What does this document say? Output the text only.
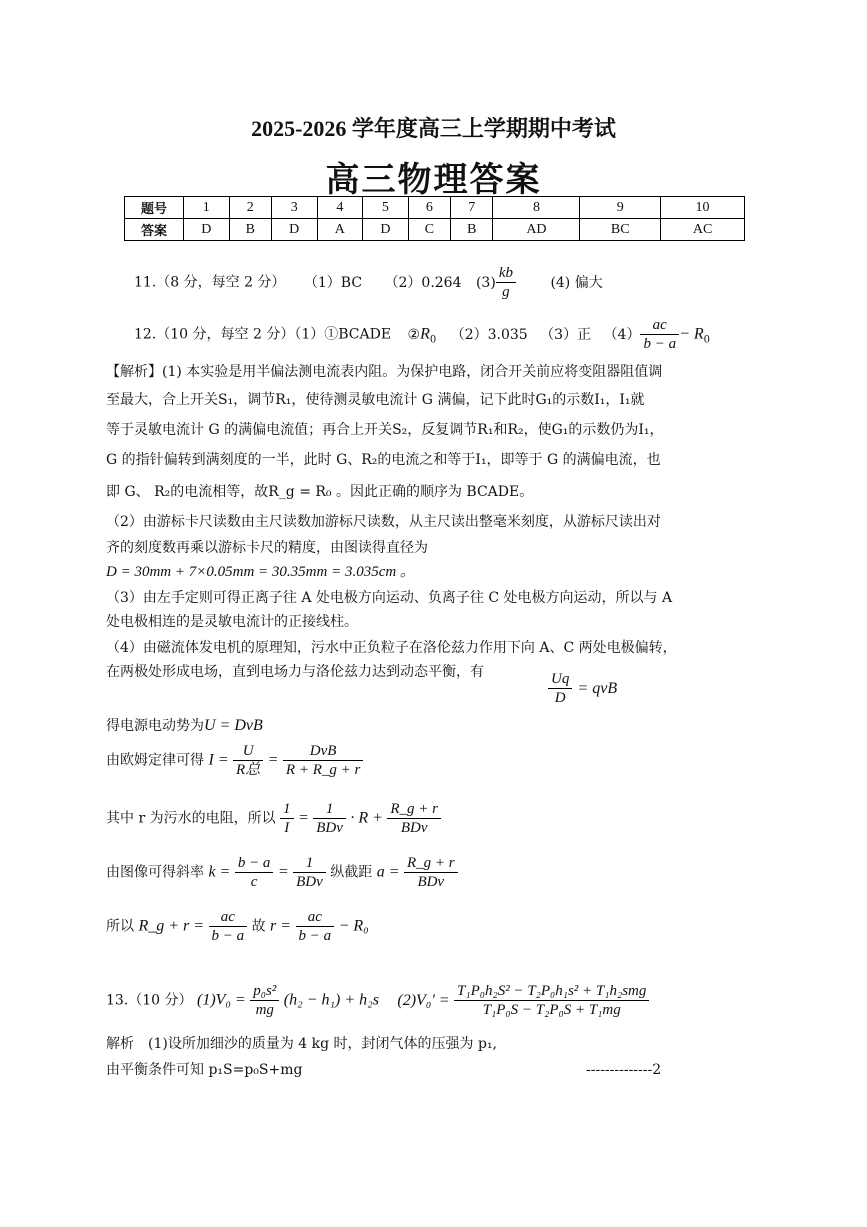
2025-2026 学年度高三上学期期中考试
高三物理答案
题号	1	2	3	4	5	6	7	8	9	10
答案	D	B	D	A	D	C	B	AD	BC	AC
11.（8 分，每空 2 分） （1）BC （2）0.264 $(3) \frac{kb}{g} (4)$ 偏大
12.（10 分，每空 2 分）（1）①BCADE $②R_0$ （2）3.035 （3）正 $(4) \frac{ac}{b - a} - R_0$
【解析】(1) 本实验是用半偏法测电流表内阻。为保护电路，闭合开关前应将变阻器阻值调
至最大，合上开关S₁，调节R₁，使待测灵敏电流计 G 满偏，记下此时G₁的示数I₁，I₁就
等于灵敏电流计 G 的满偏电流值；再合上开关S₂，反复调节R₁和R₂，使G₁的示数仍为I₁，
G 的指针偏转到满刻度的一半，此时 G、R₂的电流之和等于I₁，即等于 G 的满偏电流，也
即 G、 R₂的电流相等，故R_g = R₀ 。因此正确的顺序为 BCADE。
（2）由游标卡尺读数由主尺读数加游标尺读数，从主尺读出整毫米刻度，从游标尺读出对
齐的刻度数再乘以游标卡尺的精度，由图读得直径为
D = 30mm + 7×0.05mm = 30.35mm = 3.035cm 。
（3）由左手定则可得正离子往 A 处电极方向运动、负离子往 C 处电极方向运动，所以与 A
处电极相连的是灵敏电流计的正接线柱。
（4）由磁流体发电机的原理知，污水中正负粒子在洛伦兹力作用下向 A、C 两处电极偏转，
在两极处形成电场，直到电场力与洛伦兹力达到动态平衡，有	$\frac{Uq}{D}$ = qvB
得电源电动势为U = DvB
由欧姆定律可得 $I = \frac{U}{\text{R总}} = \frac{\text{DvB}}{R + R\_g + r}$
其中 r 为污水的电阻，所以 $\frac{1}{I} = \frac{1}{\text{BDv}} \cdot R + \frac{R\_g + r}{\text{BDv}}$
由图像可得斜率 $k = \frac{b - a}{c} = \frac{1}{\text{BDv}}$ 纵截距 $a = \frac{R\_g + r}{\text{BDv}}$
所以 R_g + $r = \frac{ac}{b - a}$ 故 $r = \frac{ac}{b - a} - R_0$
13.（10 分） $(1)V_0 = \frac{\text{p₀s²}}{mg} (h_2 - h_1) + h_2s$ $(2)V_0' = \frac{\text{T₁P₀h₂S² − T₂P₀h₁s² + T₁h₂smg}}{\text{T₁P₀S − T₂P₀S + T₁mg}}$
解析　(1)设所加细沙的质量为 4 kg 时，封闭气体的压强为 p₁,
由平衡条件可知 p₁S=p₀S+mg	--------------2
